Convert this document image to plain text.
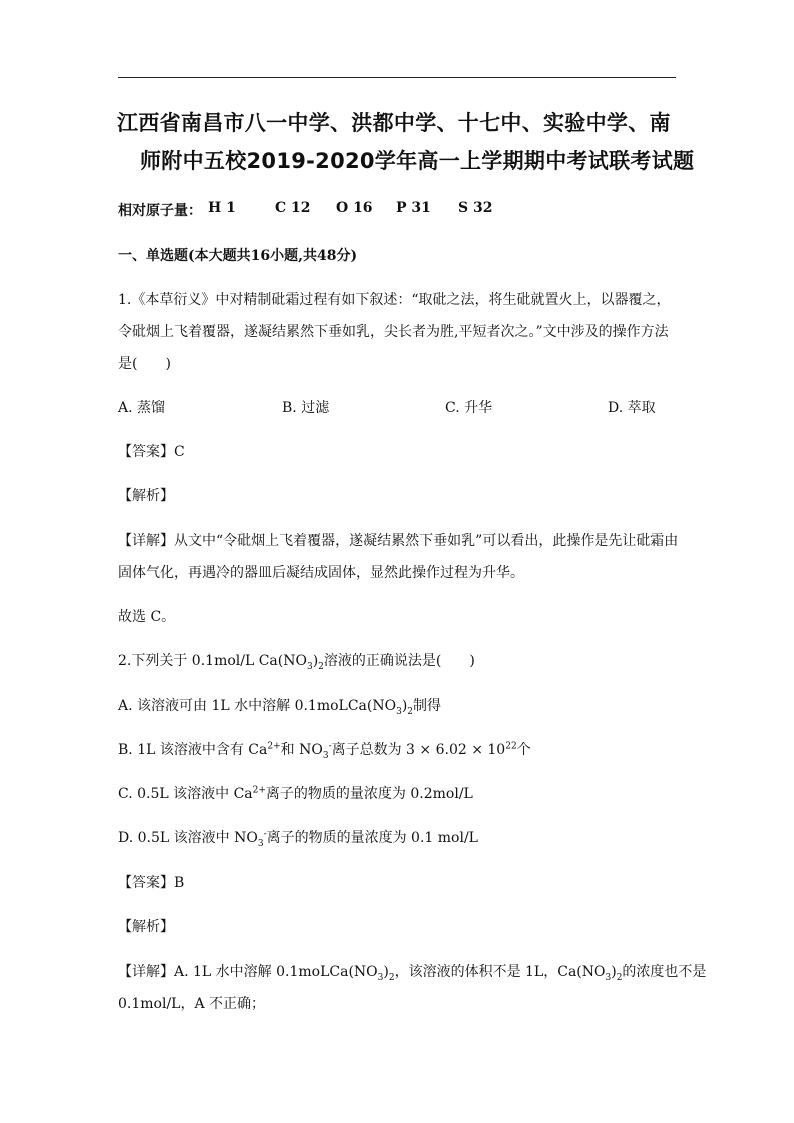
江西省南昌市八一中学、洪都中学、十七中、实验中学、南
师附中五校2019-2020学年高一上学期期中考试联考试题
相对原子量： H 1	C 12 O 16 P 31 S 32
一、单选题(本大题共16小题,共48分)
1.《本草衍义》中对精制砒霜过程有如下叙述：“取砒之法，将生砒就置火上，以器覆之，
令砒烟上飞着覆器，遂凝结累然下垂如乳，尖长者为胜,平短者次之。”文中涉及的操作方法
是(　　)
A. 蒸馏	B. 过滤	C. 升华	D. 萃取
【答案】C
【解析】
【详解】从文中“令砒烟上飞着覆器，遂凝结累然下垂如乳”可以看出，此操作是先让砒霜由
固体气化，再遇冷的器皿后凝结成固体，显然此操作过程为升华。
故选 C。
2.下列关于 0.1mol/L $Ca(NO_3)_2$溶液的正确说法是(　　)
A. 该溶液可由 1L 水中溶解 $0.1moLCa(NO_3)_2$制得
B. 1L 该溶液中含有 $Ca^{2+}$和 $NO_3^-$离子总数为 $3 \times 6.02 \times 10^{22}$个
C. 0.5L 该溶液中 $Ca^{2+}$离子的物质的量浓度为 0.2mol/L
D. 0.5L 该溶液中 $NO_3^-$离子的物质的量浓度为 0.1 mol/L
【答案】B
【解析】
【详解】A. 1L 水中溶解 $0.1moLCa(NO_3)_2$，该溶液的体积不是 1L，$Ca(NO_3)_2$的浓度也不是
0.1mol/L，A 不正确；
